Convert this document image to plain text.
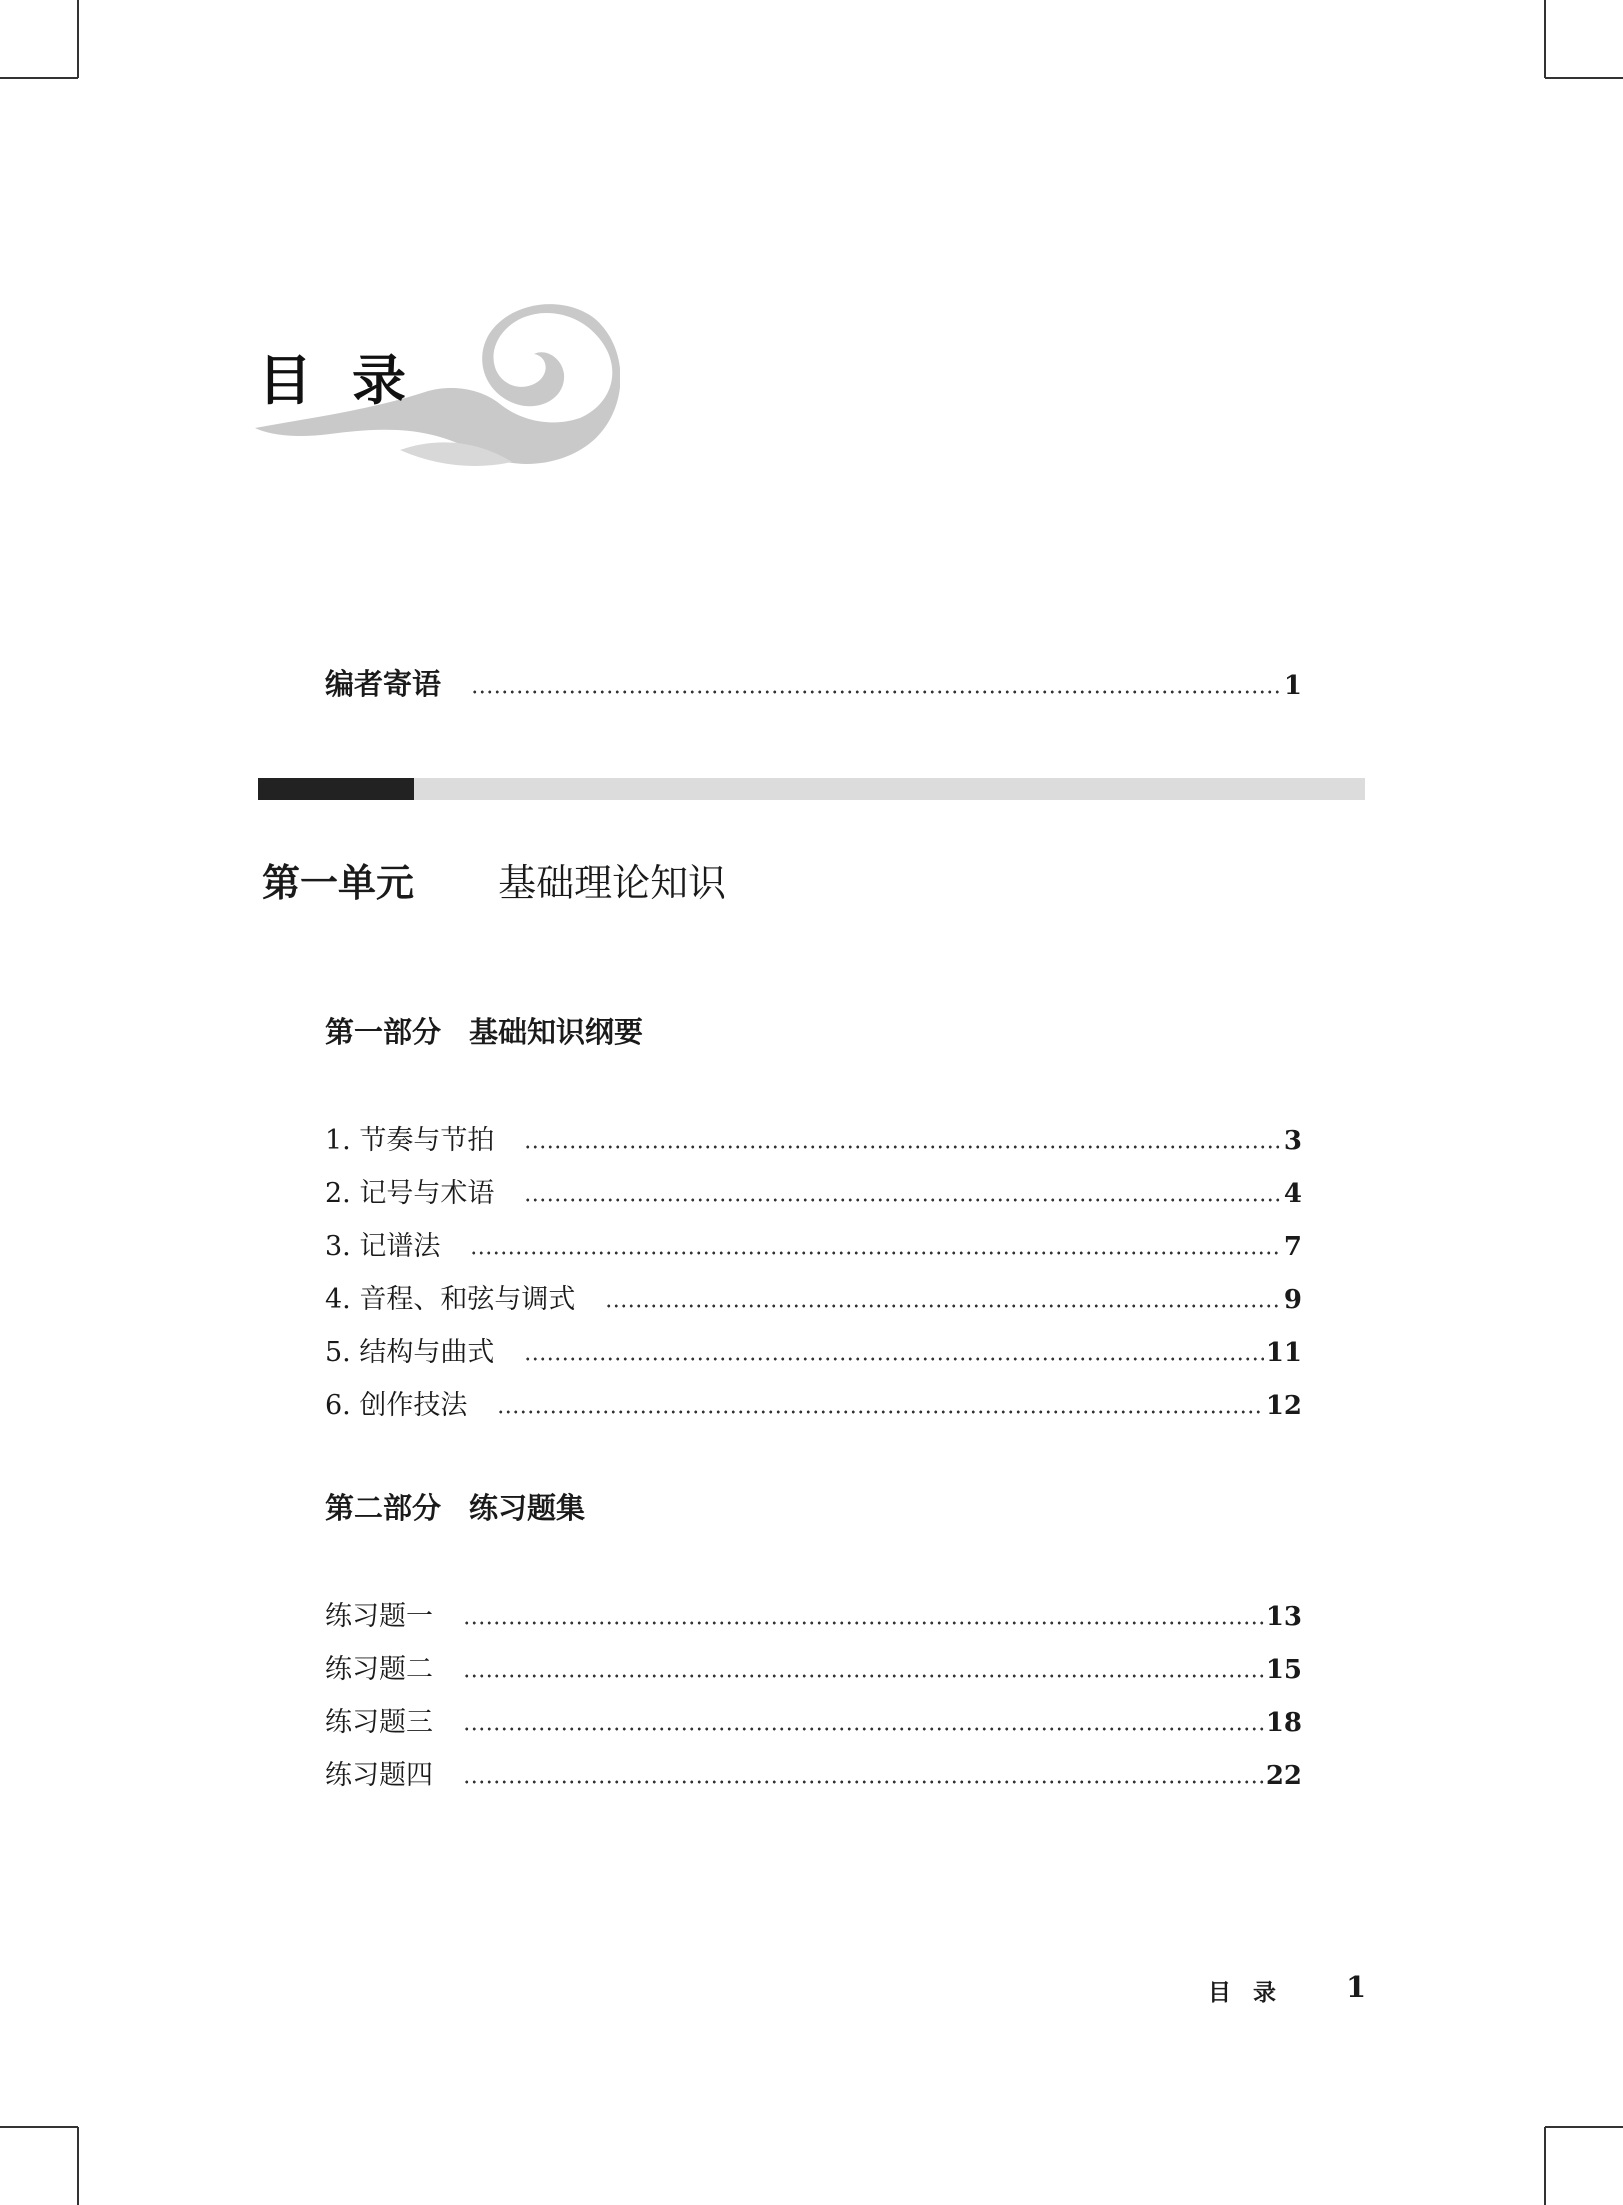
目录
编者寄语	1
第一单元 基础理论知识
第一部分 基础知识纲要
1. 节奏与节拍	3
2. 记号与术语	4
3. 记谱法	7
4. 音程、和弦与调式	9
5. 结构与曲式	11
6. 创作技法	12
第二部分 练习题集
练习题一	13
练习题二	15
练习题三	18
练习题四	22
目录 1
